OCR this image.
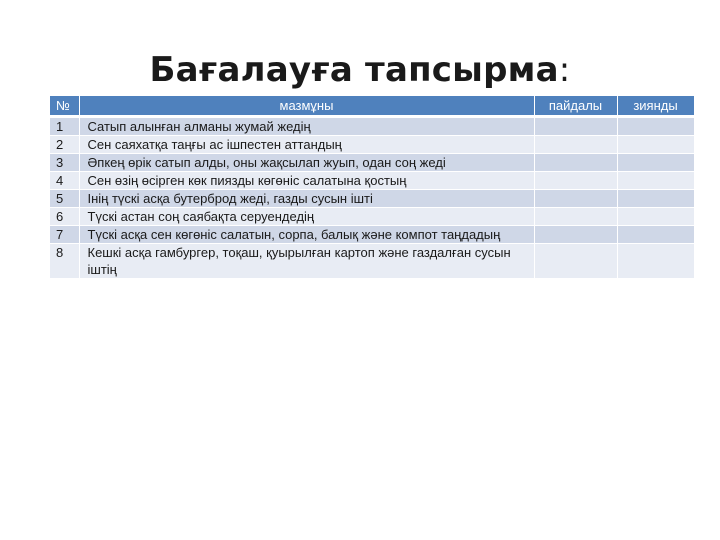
Бағалауға тапсырма:
№	мазмұны	пайдалы	зиянды
1	Сатып алынған алманы жумай жедің		
2	Сен саяхатқа таңғы ас ішпестен аттандың		
3	Әпкең өрік сатып алды, оны жақсылап жуып, одан соң жеді		
4	Сен өзің өсірген көк пиязды көгөніс салатына қостың		
5	Інің түскі асқа бутерброд жеді, газды сусын ішті		
6	Түскі астан соң саябақта серуендедің		
7	Түскі асқа сен көгөніс салатын, сорпа, балық және компот таңдадың		
8	Кешкі асқа гамбургер, тоқаш, қуырылған картоп және газдалған сусын іштің		
